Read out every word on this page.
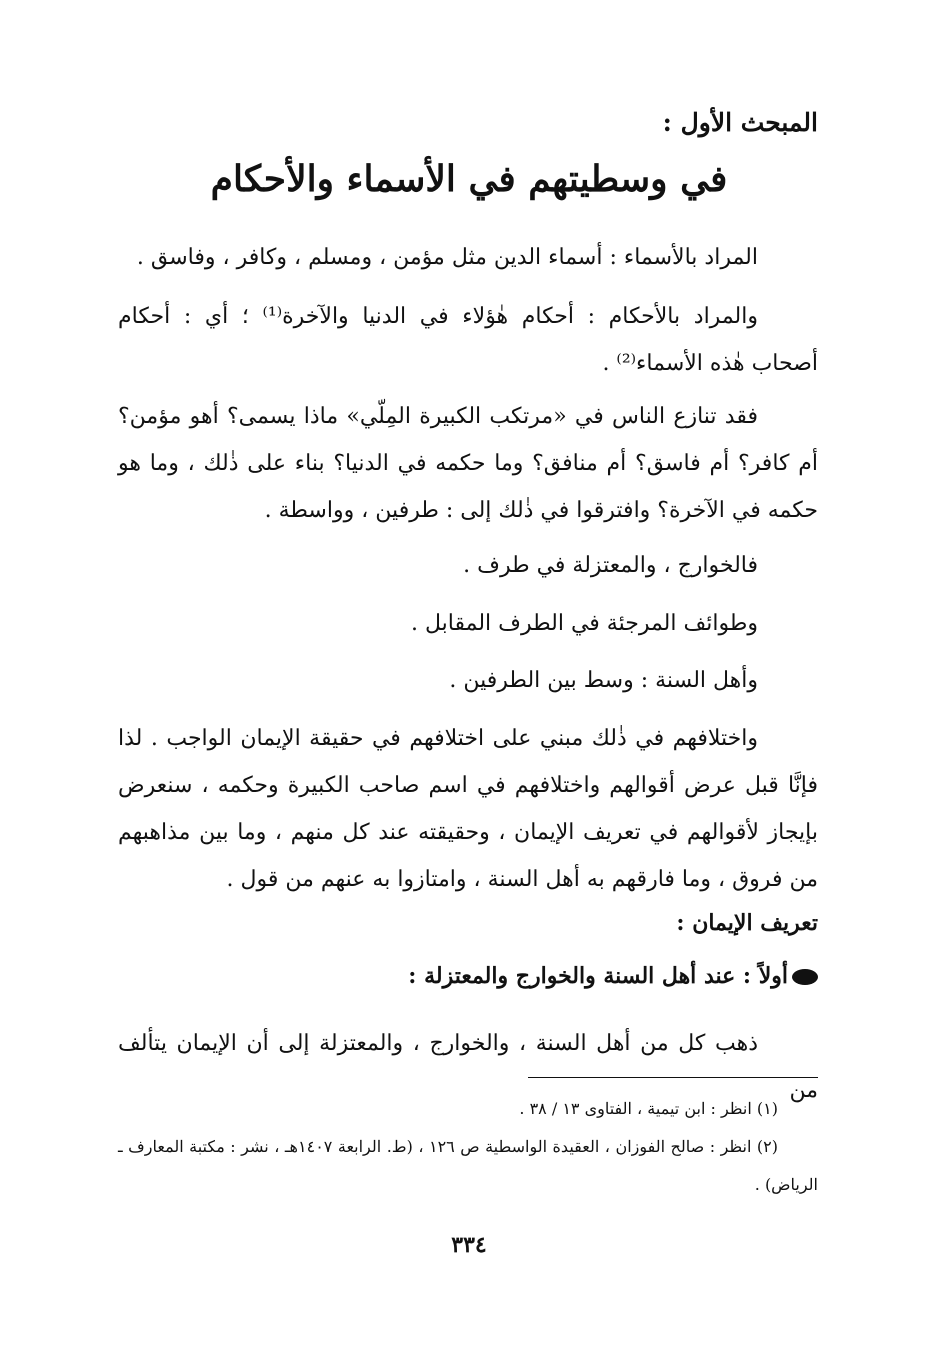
المبحث الأول :
في وسطيتهم في الأسماء والأحكام
المراد بالأسماء : أسماء الدين مثل مؤمن ، ومسلم ، وكافر ، وفاسق .
والمراد بالأحكام : أحكام هٰؤلاء في الدنيا والآخرة⁽¹⁾ ؛ أي : أحكام أصحاب هٰذه الأسماء⁽²⁾ .
فقد تنازع الناس في «مرتكب الكبيرة المِلّي» ماذا يسمى؟ أهو مؤمن؟ أم كافر؟ أم فاسق؟ أم منافق؟ وما حكمه في الدنيا؟ بناء على ذٰلك ، وما هو حكمه في الآخرة؟ وافترقوا في ذٰلك إلى : طرفين ، وواسطة .
فالخوارج ، والمعتزلة في طرف .
وطوائف المرجئة في الطرف المقابل .
وأهل السنة : وسط بين الطرفين .
واختلافهم في ذٰلك مبني على اختلافهم في حقيقة الإيمان الواجب . لذا فإنَّا قبل عرض أقوالهم واختلافهم في اسم صاحب الكبيرة وحكمه ، سنعرض بإيجاز لأقوالهم في تعريف الإيمان ، وحقيقته عند كل منهم ، وما بين مذاهبهم من فروق ، وما فارقهم به أهل السنة ، وامتازوا به عنهم من قول .
تعريف الإيمان :
أولاً : عند أهل السنة والخوارج والمعتزلة :
ذهب كل من أهل السنة ، والخوارج ، والمعتزلة إلى أن الإيمان يتألف من
(١) انظر : ابن تيمية ، الفتاوى ١٣ / ٣٨ .
(٢) انظر : صالح الفوزان ، العقيدة الواسطية ص ١٢٦ ، (ط. الرابعة ١٤٠٧هـ ، نشر : مكتبة المعارف ـ الرياض) .
٣٣٤
